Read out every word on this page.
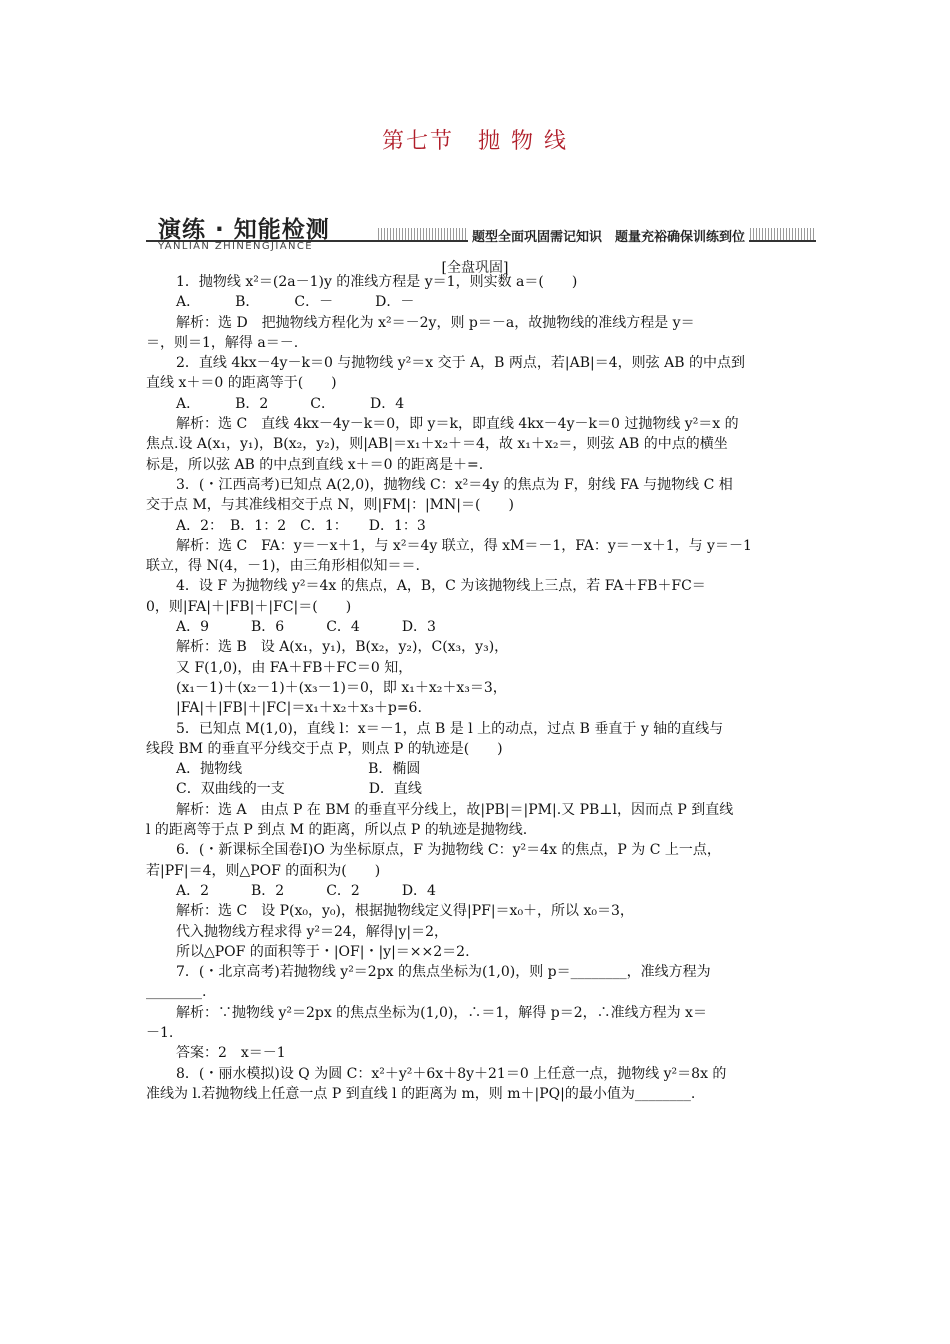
第七节　抛 物 线
演练 · 知能检测
YANLIAN ZHINENGJIANCE
题型全面巩固需记知识　题量充裕确保训练到位
[全盘巩固]
1．抛物线 x²＝(2a－1)y 的准线方程是 y＝1，则实数 a＝(　　)
A．　　　B．　　　C．－　　　D．－
解析：选 D　把抛物线方程化为 x²＝－2y，则 p＝－a，故抛物线的准线方程是 y＝
＝，则＝1，解得 a＝－.
2．直线 4kx－4y－k＝0 与抛物线 y²＝x 交于 A，B 两点，若|AB|＝4，则弦 AB 的中点到
直线 x＋＝0 的距离等于(　　)
A．　　　B．2　　　C．　　　D．4
解析：选 C　直线 4kx－4y－k＝0，即 y＝k，即直线 4kx－4y－k＝0 过抛物线 y²＝x 的
焦点.设 A(x₁，y₁)，B(x₂，y₂)，则|AB|＝x₁＋x₂＋＝4，故 x₁＋x₂＝，则弦 AB 的中点的横坐
标是，所以弦 AB 的中点到直线 x＋＝0 的距离是＋=.
3．(・江西高考)已知点 A(2,0)，抛物线 C：x²＝4y 的焦点为 F，射线 FA 与抛物线 C 相
交于点 M，与其准线相交于点 N，则|FM|：|MN|＝(　　)
A．2：　B．1：2　C．1：　　D．1：3
解析：选 C　FA：y＝－x＋1，与 x²＝4y 联立，得 xM＝－1，FA：y＝－x＋1，与 y＝－1
联立，得 N(4，－1)，由三角形相似知＝＝.
4．设 F 为抛物线 y²＝4x 的焦点，A，B，C 为该抛物线上三点，若 FA＋FB＋FC＝
0，则|FA|＋|FB|＋|FC|＝(　　)
A．9　　　B．6　　　C．4　　　D．3
解析：选 B　设 A(x₁，y₁)，B(x₂，y₂)，C(x₃，y₃)，
又 F(1,0)，由 FA＋FB＋FC＝0 知，
(x₁－1)＋(x₂－1)＋(x₃－1)＝0，即 x₁＋x₂＋x₃＝3，
|FA|＋|FB|＋|FC|＝x₁＋x₂＋x₃＋p=6.
5．已知点 M(1,0)，直线 l：x＝－1，点 B 是 l 上的动点，过点 B 垂直于 y 轴的直线与
线段 BM 的垂直平分线交于点 P，则点 P 的轨迹是(　　)
A．抛物线　　　　　　　　　B．椭圆
C．双曲线的一支　　　　　　D．直线
解析：选 A　由点 P 在 BM 的垂直平分线上，故|PB|＝|PM|.又 PB⊥l，因而点 P 到直线
l 的距离等于点 P 到点 M 的距离，所以点 P 的轨迹是抛物线.
6．(・新课标全国卷Ⅰ)O 为坐标原点，F 为抛物线 C：y²＝4x 的焦点，P 为 C 上一点，
若|PF|＝4，则△POF 的面积为(　　)
A．2　　　B．2　　　C．2　　　D．4
解析：选 C　设 P(x₀，y₀)，根据抛物线定义得|PF|＝x₀＋，所以 x₀＝3，
代入抛物线方程求得 y²＝24，解得|y|＝2，
所以△POF 的面积等于・|OF|・|y|＝××2＝2.
7．(・北京高考)若抛物线 y²＝2px 的焦点坐标为(1,0)，则 p＝________，准线方程为
________.
解析：∵抛物线 y²＝2px 的焦点坐标为(1,0)，∴＝1，解得 p＝2，∴准线方程为 x＝
－1.
答案：2　x＝－1
8．(・丽水模拟)设 Q 为圆 C：x²＋y²＋6x＋8y＋21＝0 上任意一点，抛物线 y²＝8x 的
准线为 l.若抛物线上任意一点 P 到直线 l 的距离为 m，则 m＋|PQ|的最小值为________.
